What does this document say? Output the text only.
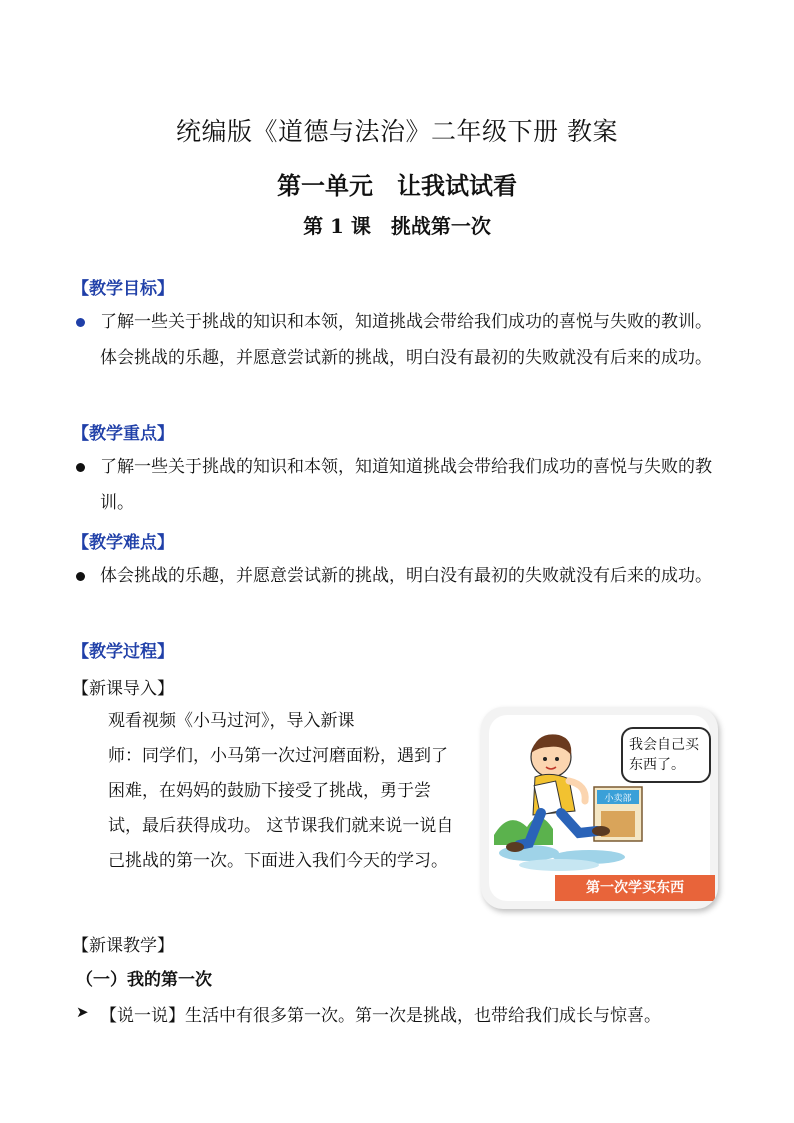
统编版《道德与法治》二年级下册 教案
第一单元　让我试试看
第 1 课　挑战第一次
【教学目标】
了解一些关于挑战的知识和本领，知道挑战会带给我们成功的喜悦与失败的教训。体会挑战的乐趣，并愿意尝试新的挑战，明白没有最初的失败就没有后来的成功。
【教学重点】
了解一些关于挑战的知识和本领，知道知道挑战会带给我们成功的喜悦与失败的教训。
【教学难点】
体会挑战的乐趣，并愿意尝试新的挑战，明白没有最初的失败就没有后来的成功。
【教学过程】
【新课导入】
观看视频《小马过河》，导入新课
师：同学们，小马第一次过河磨面粉，遇到了困难，在妈妈的鼓励下接受了挑战，勇于尝试，最后获得成功。 这节课我们就来说一说自己挑战的第一次。下面进入我们今天的学习。
小卖部
我会自己买东西了。
第一次学买东西
【新课教学】
（一）我的第一次
➤ 【说一说】生活中有很多第一次。第一次是挑战，也带给我们成长与惊喜。
